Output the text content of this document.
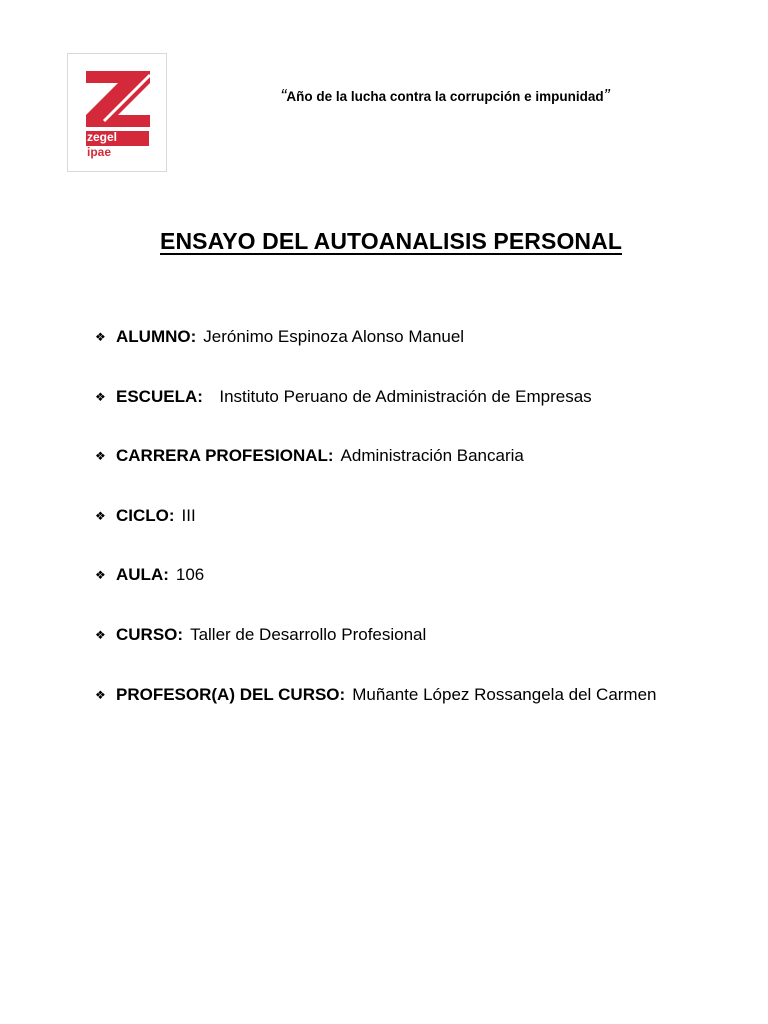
zegel
ipae
“Año de la lucha contra la corrupción e impunidad”
ENSAYO DEL AUTOANALISIS PERSONAL
❖ ALUMNO: Jerónimo Espinoza Alonso Manuel
❖ ESCUELA: Instituto Peruano de Administración de Empresas
❖ CARRERA PROFESIONAL: Administración Bancaria
❖ CICLO: III
❖ AULA: 106
❖ CURSO: Taller de Desarrollo Profesional
❖ PROFESOR(A) DEL CURSO: Muñante López Rossangela del Carmen
